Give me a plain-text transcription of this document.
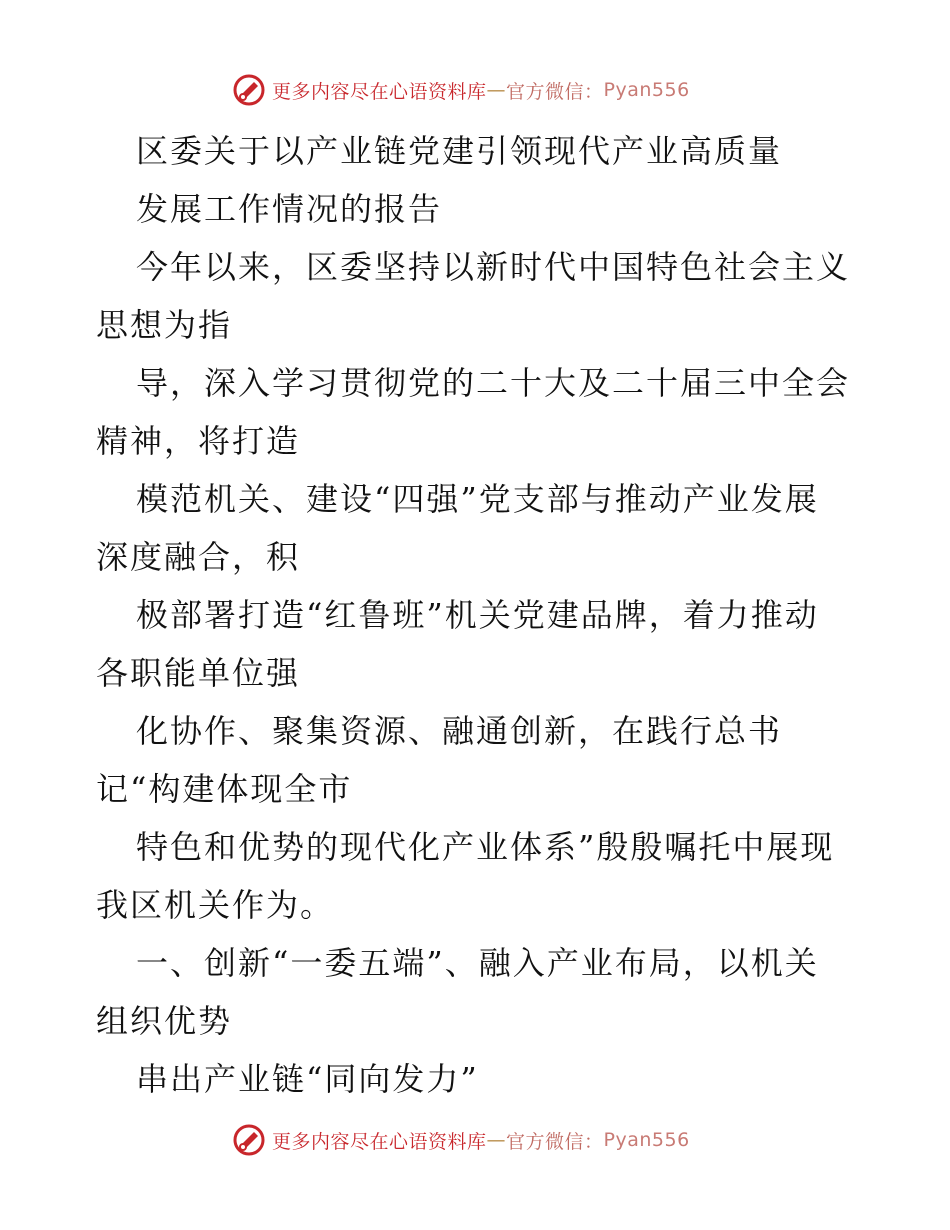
更多内容尽在心语资料库 — 官方微信： Pyan556
区委关于以产业链党建引领现代产业高质量
发展工作情况的报告
今年以来，区委坚持以新时代中国特色社会主义
思想为指
导，深入学习贯彻党的二十大及二十届三中全会
精神，将打造
模范机关、建设“四强”党支部与推动产业发展
深度融合，积
极部署打造“红鲁班”机关党建品牌，着力推动
各职能单位强
化协作、聚集资源、融通创新，在践行总书
记“构建体现全市
特色和优势的现代化产业体系”殷殷嘱托中展现
我区机关作为。
一、创新“一委五端”、融入产业布局，以机关
组织优势
串出产业链“同向发力”
更多内容尽在心语资料库 — 官方微信： Pyan556
